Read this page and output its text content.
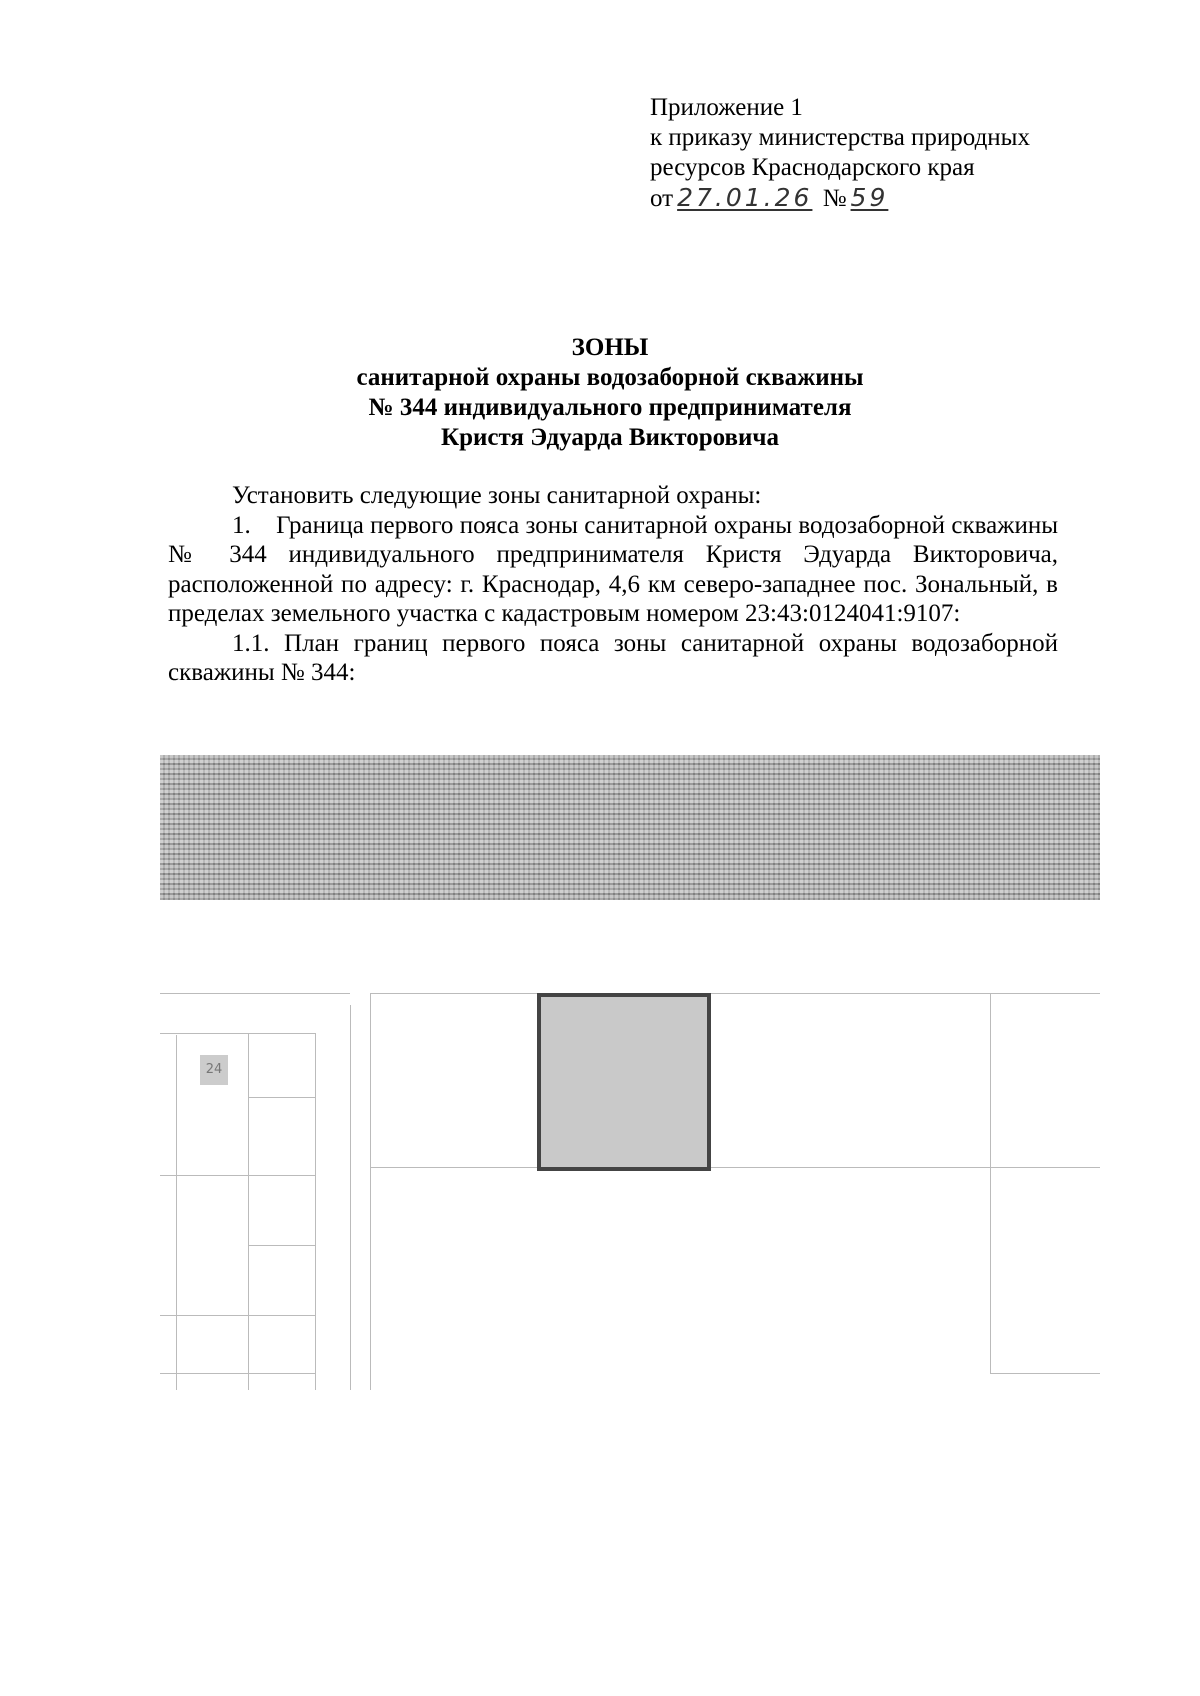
Приложение 1
к приказу министерства природных
ресурсов Краснодарского края
от 27.01.26 № 59
ЗОНЫ
санитарной охраны водозаборной скважины
№ 344 индивидуального предпринимателя
Кристя Эдуарда Викторовича

Установить следующие зоны санитарной охраны:

1.    Граница первого пояса зоны санитарной охраны водозаборной скважины № 344 индивидуального предпринимателя Кристя Эдуарда Викторовича, расположенной по адресу: г. Краснодар, 4,6 км северо-западнее пос. Зональный, в пределах земельного участка с кадастровым номером 23:43:0124041:9107:

1.1. План границ первого пояса зоны санитарной охраны водозаборной скважины № 344:

24
